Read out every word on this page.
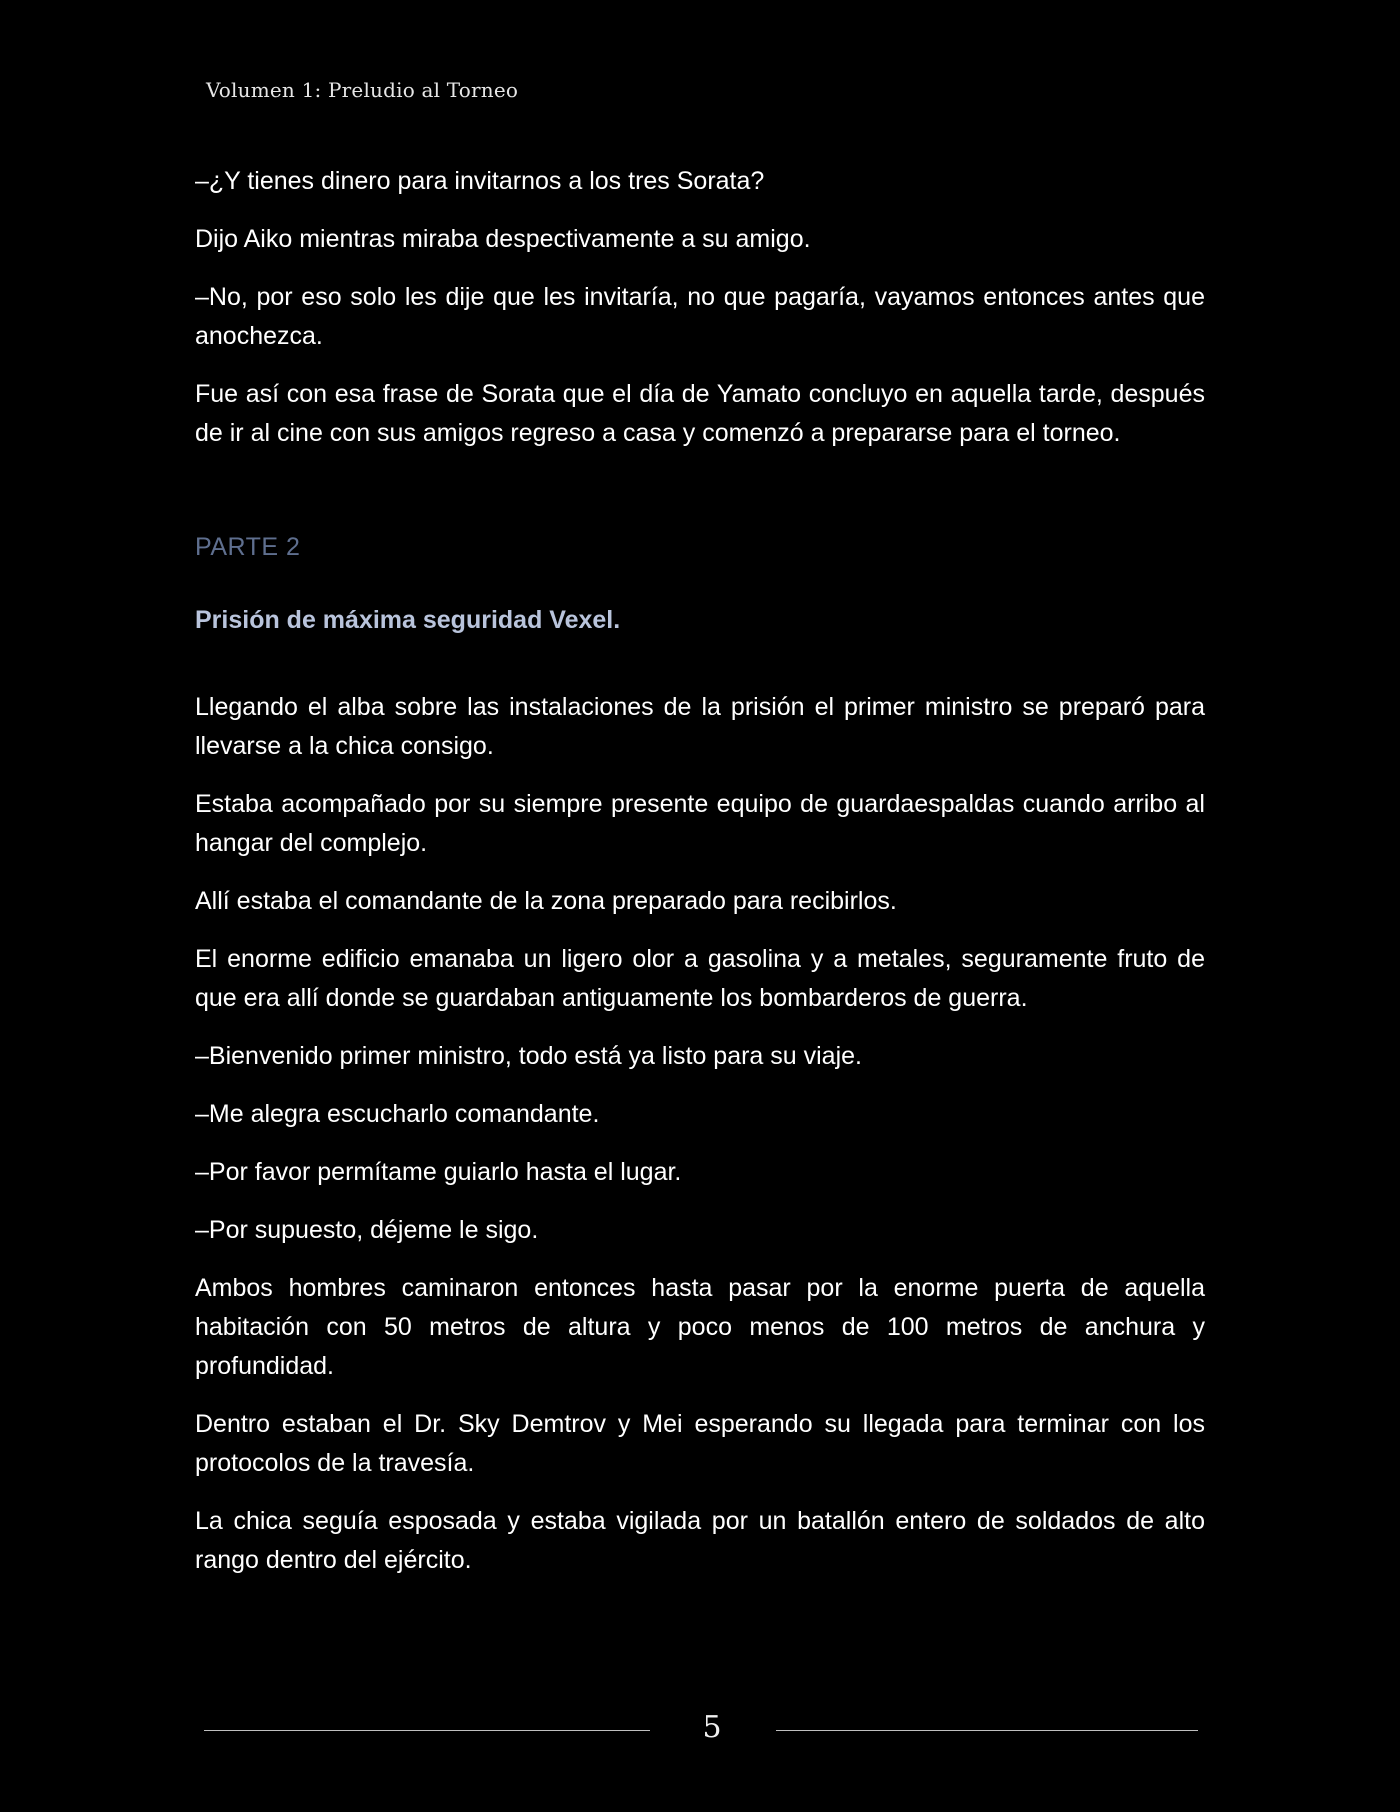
Volumen 1: Preludio al Torneo

–¿Y tienes dinero para invitarnos a los tres Sorata?

Dijo Aiko mientras miraba despectivamente a su amigo.

–No, por eso solo les dije que les invitaría, no que pagaría, vayamos entonces antes que anochezca.

Fue así con esa frase de Sorata que el día de Yamato concluyo en aquella tarde, después de ir al cine con sus amigos regreso a casa y comenzó a prepararse para el torneo.

PARTE 2
Prisión de máxima seguridad Vexel.

Llegando el alba sobre las instalaciones de la prisión el primer ministro se preparó para llevarse a la chica consigo.

Estaba acompañado por su siempre presente equipo de guardaespaldas cuando arribo al hangar del complejo.

Allí estaba el comandante de la zona preparado para recibirlos.

El enorme edificio emanaba un ligero olor a gasolina y a metales, seguramente fruto de que era allí donde se guardaban antiguamente los bombarderos de guerra.

–Bienvenido primer ministro, todo está ya listo para su viaje.

–Me alegra escucharlo comandante.

–Por favor permítame guiarlo hasta el lugar.

–Por supuesto, déjeme le sigo.

Ambos hombres caminaron entonces hasta pasar por la enorme puerta de aquella habitación con 50 metros de altura y poco menos de 100 metros de anchura y profundidad.

Dentro estaban el Dr. Sky Demtrov y Mei esperando su llegada para terminar con los protocolos de la travesía.

La chica seguía esposada y estaba vigilada por un batallón entero de soldados de alto rango dentro del ejército.

5
